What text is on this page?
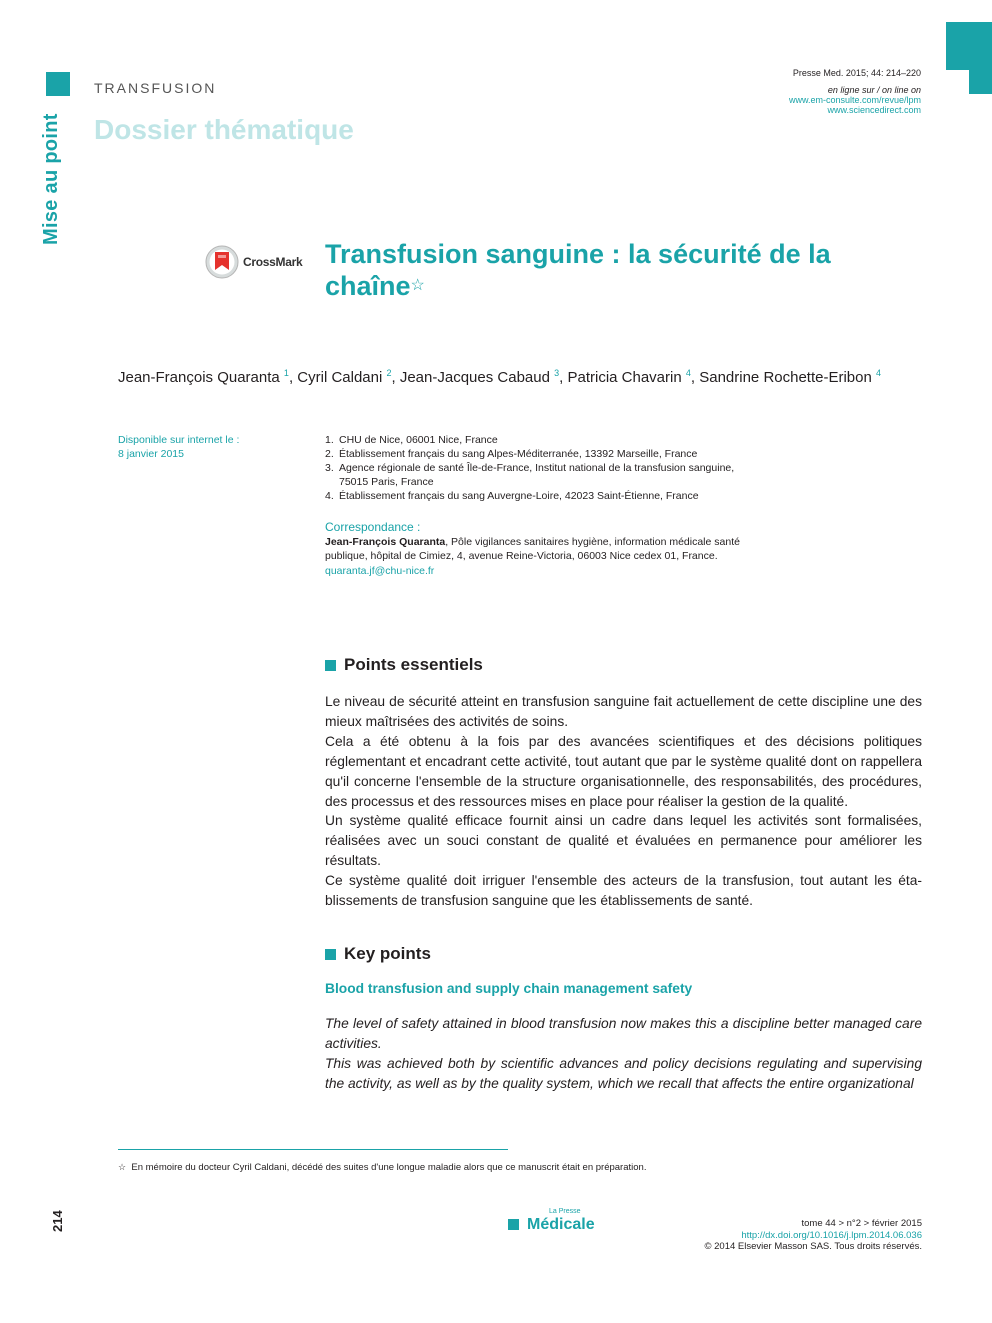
Mise au point
TRANSFUSION
Dossier thématique
Presse Med. 2015; 44: 214–220
en ligne sur / on line on
www.em-consulte.com/revue/lpm
www.sciencedirect.com
CrossMark Transfusion sanguine : la sécurité de la chaîne☆
Jean-François Quaranta $^1$, Cyril Caldani $^2$, Jean-Jacques Cabaud $^3$, Patricia Chavarin $^4$, Sandrine Rochette-Eribon $^4$
Disponible sur internet le :
8 janvier 2015
1. CHU de Nice, 06001 Nice, France
2. Établissement français du sang Alpes-Méditerranée, 13392 Marseille, France
3. Agence régionale de santé Île-de-France, Institut national de la transfusion sanguine, 75015 Paris, France
4. Établissement français du sang Auvergne-Loire, 42023 Saint-Étienne, France
Correspondance :
Jean-François Quaranta, Pôle vigilances sanitaires hygiène, information médicale santé publique, hôpital de Cimiez, 4, avenue Reine-Victoria, 06003 Nice cedex 01, France.
quaranta.jf@chu-nice.fr
Points essentiels

Le niveau de sécurité atteint en transfusion sanguine fait actuellement de cette discipline une des mieux maîtrisées des activités de soins.

Cela a été obtenu à la fois par des avancées scientifiques et des décisions politiques réglementant et encadrant cette activité, tout autant que par le système qualité dont on rappellera qu'il concerne l'ensemble de la structure organisationnelle, des responsabilités, des procédures, des processus et des ressources mises en place pour réaliser la gestion de la qualité.

Un système qualité efficace fournit ainsi un cadre dans lequel les activités sont formalisées, réalisées avec un souci constant de qualité et évaluées en permanence pour améliorer les résultats.

Ce système qualité doit irriguer l'ensemble des acteurs de la transfusion, tout autant les éta-blissements de transfusion sanguine que les établissements de santé.

Key points
Blood transfusion and supply chain management safety

The level of safety attained in blood transfusion now makes this a discipline better managed care activities.

This was achieved both by scientific advances and policy decisions regulating and supervising the activity, as well as by the quality system, which we recall that affects the entire organizational

☆ En mémoire du docteur Cyril Caldani, décédé des suites d'une longue maladie alors que ce manuscrit était en préparation.
214	La Presse
Médicale	tome 44 > n°2 > février 2015
http://dx.doi.org/10.1016/j.lpm.2014.06.036
© 2014 Elsevier Masson SAS. Tous droits réservés.
